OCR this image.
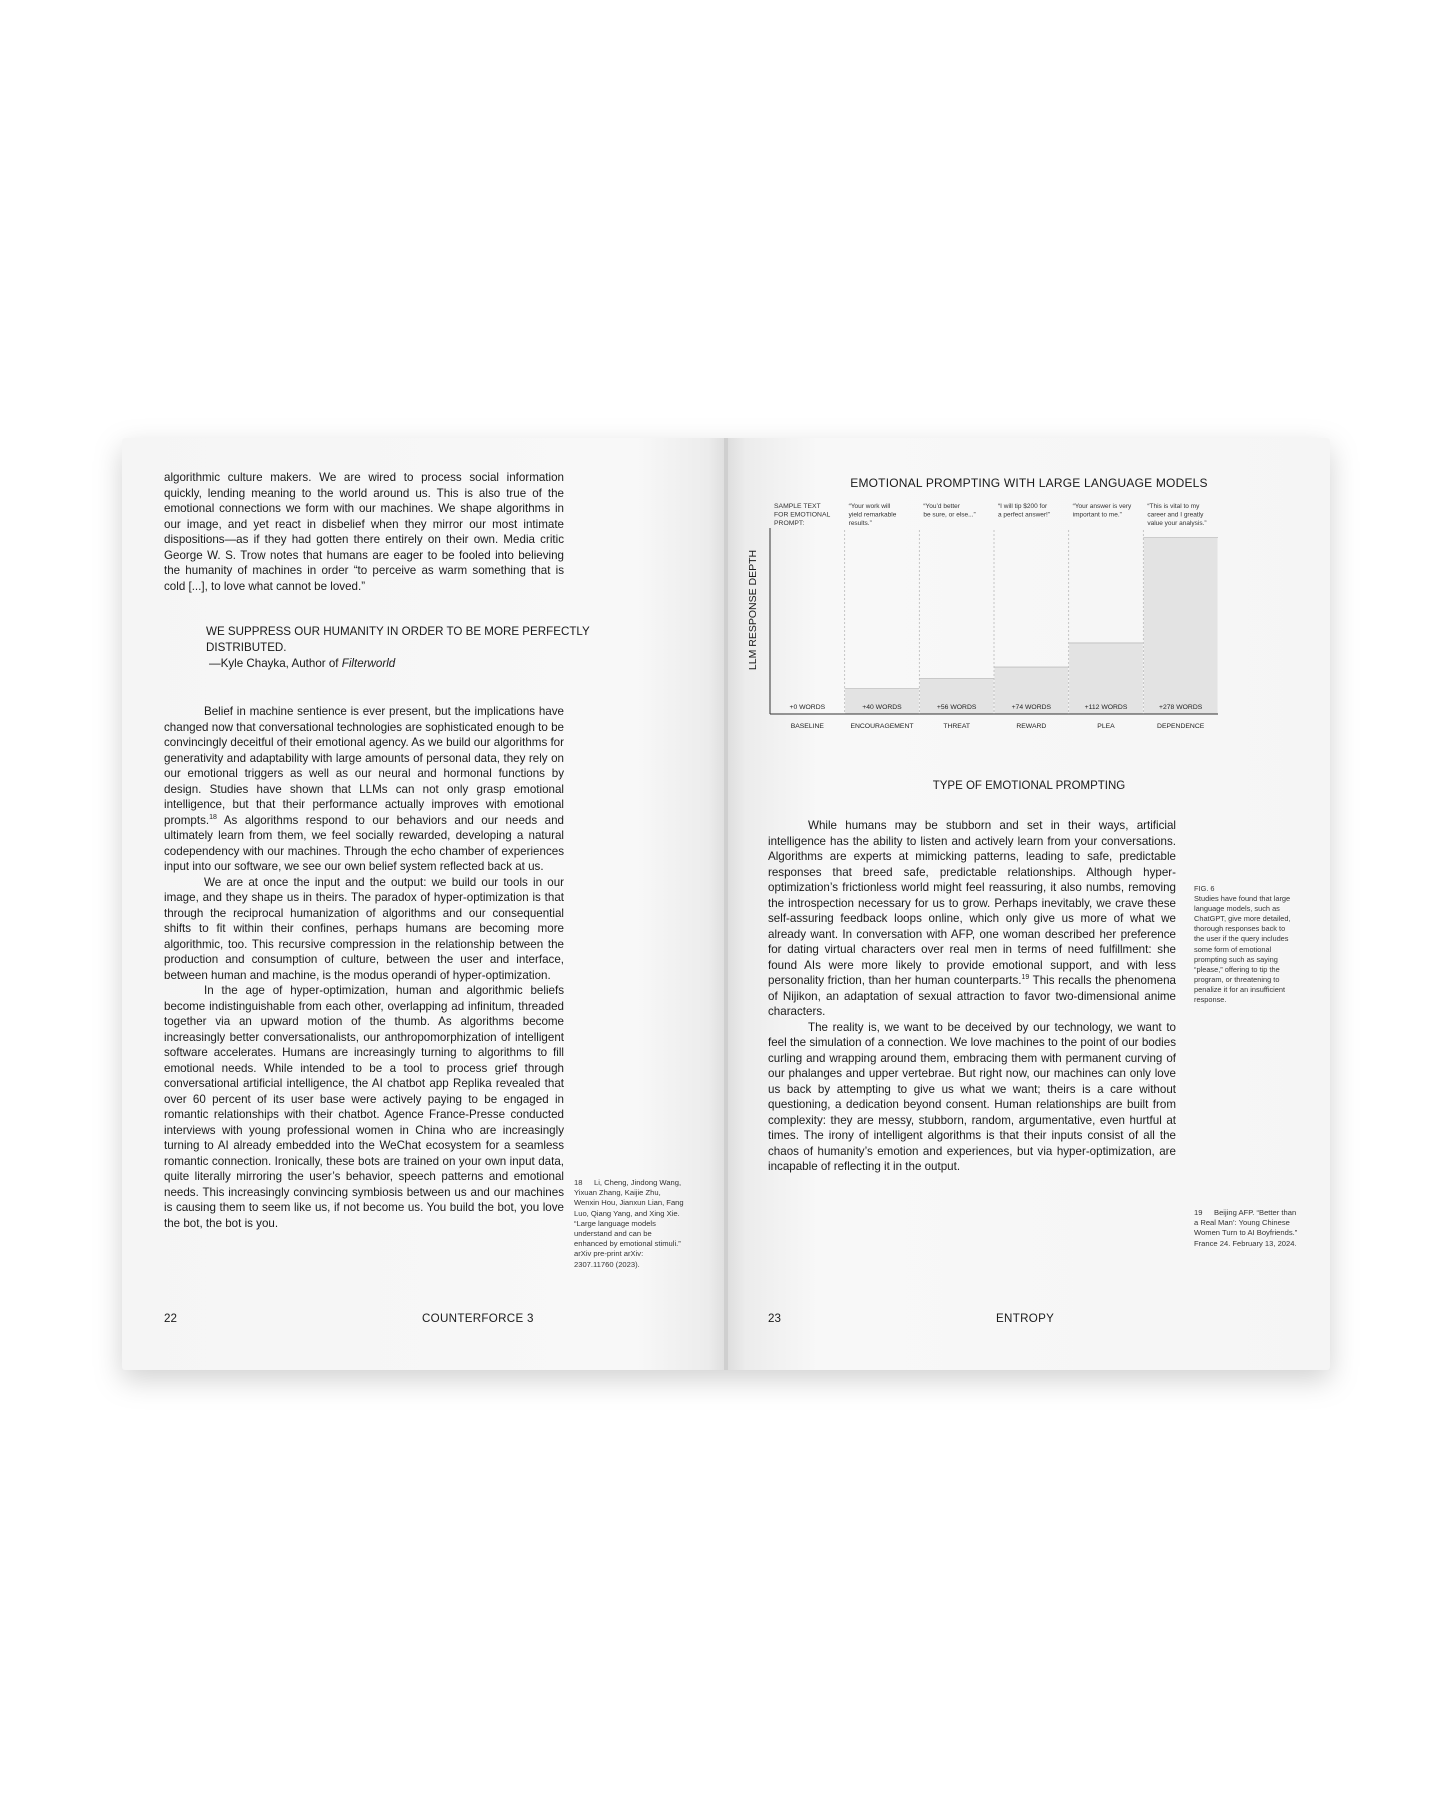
algorithmic culture makers. We are wired to process social information quickly, lending meaning to the world around us. This is also true of the emotional connections we form with our machines. We shape algorithms in our image, and yet react in disbelief when they mirror our most intimate dispositions—as if they had gotten there entirely on their own. Media critic George W. S. Trow notes that humans are eager to be fooled into believing the humanity of machines in order “to perceive as warm something that is cold [...], to love what cannot be loved.”

WE SUPPRESS OUR HUMANITY IN ORDER TO BE MORE PERFECTLY DISTRIBUTED.
—Kyle Chayka, Author of Filterworld

Belief in machine sentience is ever present, but the implications have changed now that conversational technologies are sophisticated enough to be convincingly deceitful of their emotional agency. As we build our algorithms for generativity and adaptability with large amounts of personal data, they rely on our emotional triggers as well as our neural and hormonal functions by design. Studies have shown that LLMs can not only grasp emotional intelligence, but that their performance actually improves with emotional prompts.$^{18}$ As algorithms respond to our behaviors and our needs and ultimately learn from them, we feel socially rewarded, developing a natural codependency with our machines. Through the echo chamber of experiences input into our software, we see our own belief system reflected back at us.

We are at once the input and the output: we build our tools in our image, and they shape us in theirs. The paradox of hyper-optimization is that through the reciprocal humanization of algorithms and our consequential shifts to fit within their confines, perhaps humans are becoming more algorithmic, too. This recursive compression in the relationship between the production and consumption of culture, between the user and interface, between human and machine, is the modus operandi of hyper-optimization.

In the age of hyper-optimization, human and algorithmic beliefs become indistinguishable from each other, overlapping ad infinitum, threaded together via an upward motion of the thumb. As algorithms become increasingly better conversationalists, our anthropomorphization of intelligent software accelerates. Humans are increasingly turning to algorithms to fill emotional needs. While intended to be a tool to process grief through conversational artificial intelligence, the AI chatbot app Replika revealed that over 60 percent of its user base were actively paying to be engaged in romantic relationships with their chatbot. Agence France-Presse conducted interviews with young professional women in China who are increasingly turning to AI already embedded into the WeChat ecosystem for a seamless romantic connection. Ironically, these bots are trained on your own input data, quite literally mirroring the user’s behavior, speech patterns and emotional needs. This increasingly convincing symbiosis between us and our machines is causing them to seem like us, if not become us. You build the bot, you love the bot, the bot is you.

18 Li, Cheng, Jindong Wang, Yixuan Zhang, Kaijie Zhu, Wenxin Hou, Jianxun Lian, Fang Luo, Qiang Yang, and Xing Xie. “Large language models understand and can be enhanced by emotional stimuli.” arXiv pre-print arXiv: 2307.11760 (2023).
22	COUNTERFORCE 3
EMOTIONAL PROMPTING WITH LARGE LANGUAGE MODELS
SAMPLE TEXT
FOR EMOTIONAL
PROMPT:
+0 WORDS
BASELINE
+40 WORDS
ENCOURAGEMENT
“Your work will
yield remarkable
results.”
+56 WORDS
THREAT
“You’d better
be sure, or else...”
+74 WORDS
REWARD
“I will tip $200 for
a perfect answer!”
+112 WORDS
PLEA
“Your answer is very
important to me.”
+278 WORDS
DEPENDENCE
“This is vital to my
career and I greatly
value your analysis.”
LLM RESPONSE DEPTH
TYPE OF EMOTIONAL PROMPTING

While humans may be stubborn and set in their ways, artificial intelligence has the ability to listen and actively learn from your conversations. Algorithms are experts at mimicking patterns, leading to safe, predictable responses that breed safe, predictable relationships. Although hyper-optimization’s frictionless world might feel reassuring, it also numbs, removing the introspection necessary for us to grow. Perhaps inevitably, we crave these self-assuring feedback loops online, which only give us more of what we already want. In conversation with AFP, one woman described her preference for dating virtual characters over real men in terms of need fulfillment: she found AIs were more likely to provide emotional support, and with less personality friction, than her human counterparts.$^{19}$ This recalls the phenomena of Nijikon, an adaptation of sexual attraction to favor two-dimensional anime characters.

The reality is, we want to be deceived by our technology, we want to feel the simulation of a connection. We love machines to the point of our bodies curling and wrapping around them, embracing them with permanent curving of our phalanges and upper vertebrae. But right now, our machines can only love us back by attempting to give us what we want; theirs is a care without questioning, a dedication beyond consent. Human relationships are built from complexity: they are messy, stubborn, random, argumentative, even hurtful at times. The irony of intelligent algorithms is that their inputs consist of all the chaos of humanity’s emotion and experiences, but via hyper-optimization, are incapable of reflecting it in the output.

FIG. 6
Studies have found that large language models, such as ChatGPT, give more detailed, thorough responses back to the user if the query includes some form of emotional prompting such as saying “please,” offering to tip the program, or threatening to penalize it for an insufficient response.
19 Beijing AFP. “Better than a Real Man’: Young Chinese Women Turn to AI Boyfriends.” France 24. February 13, 2024.
23	ENTROPY
